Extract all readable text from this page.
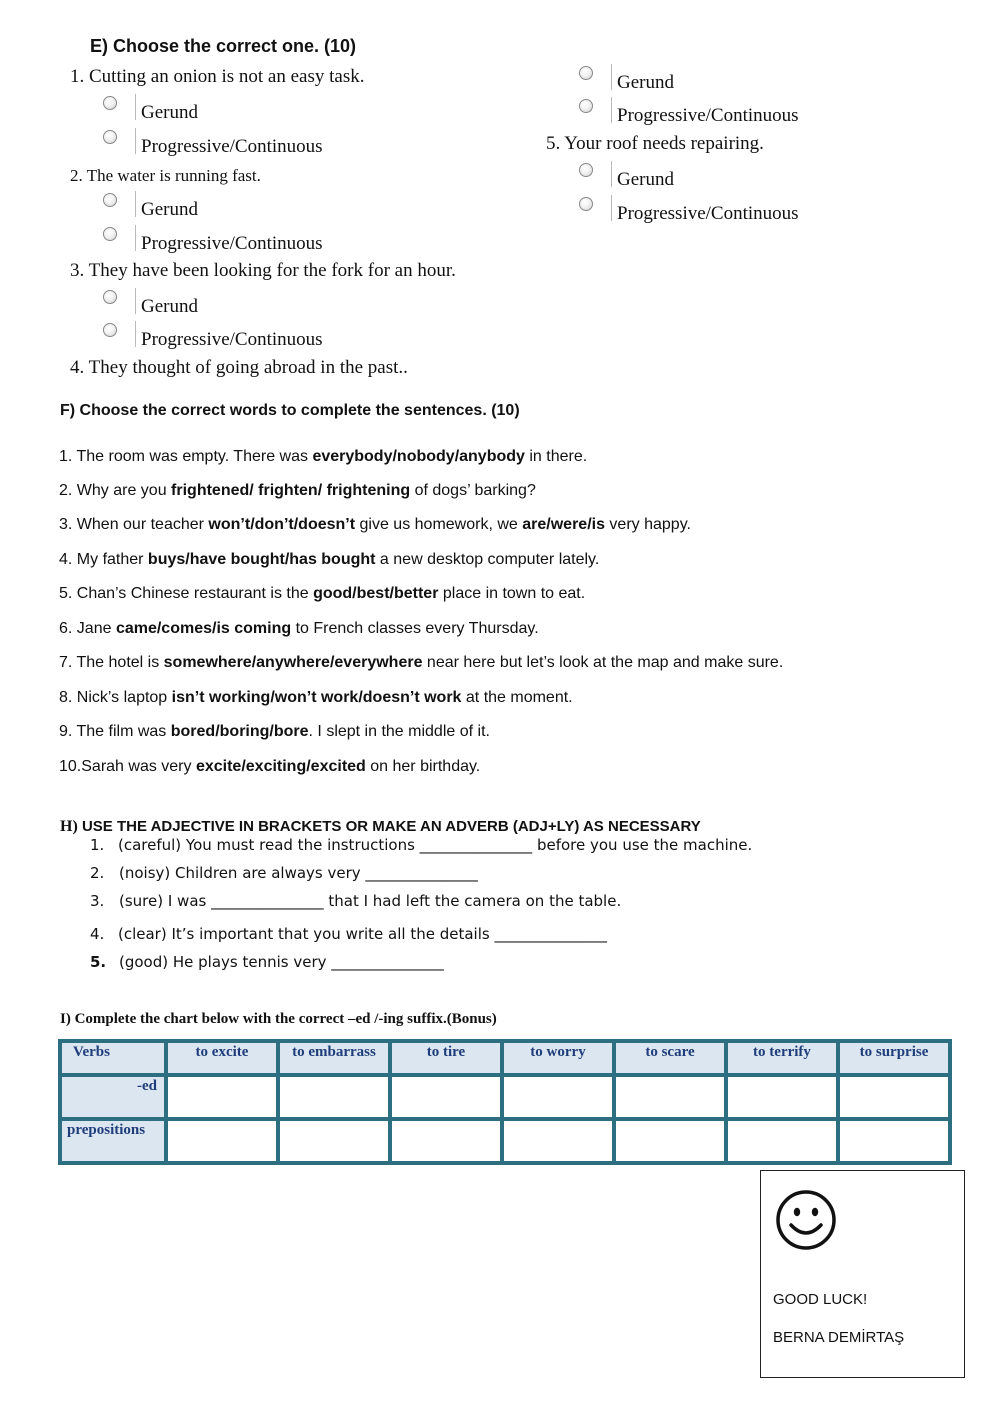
E) Choose the correct one. (10)
1. Cutting an onion is not an easy task.
Gerund
Progressive/Continuous
2. The water is running fast.
Gerund
Progressive/Continuous
3. They have been looking for the fork for an hour.
Gerund
Progressive/Continuous
4. They thought of going abroad in the past..
Gerund
Progressive/Continuous
5. Your roof needs repairing.
Gerund
Progressive/Continuous
F) Choose the correct words to complete the sentences. (10)
1. The room was empty. There was everybody/nobody/anybody in there.
2. Why are you frightened/ frighten/ frightening of dogs’ barking?
3. When our teacher won’t/don’t/doesn’t give us homework, we are/were/is very happy.
4. My father buys/have bought/has bought a new desktop computer lately.
5. Chan’s Chinese restaurant is the good/best/better place in town to eat.
6. Jane came/comes/is coming to French classes every Thursday.
7. The hotel is somewhere/anywhere/everywhere near here but let’s look at the map and make sure.
8. Nick’s laptop isn’t working/won’t work/doesn’t work at the moment.
9. The film was bored/boring/bore. I slept in the middle of it.
10.Sarah was very excite/exciting/excited on her birthday.
H) USE THE ADJECTIVE IN BRACKETS OR MAKE AN ADVERB (ADJ+LY) AS NECESSARY
1. (careful) You must read the instructions _______________ before you use the machine.
2. (noisy) Children are always very _______________
3. (sure) I was _______________ that I had left the camera on the table.
4. (clear) It’s important that you write all the details _______________
5. (good) He plays tennis very _______________
I) Complete the chart below with the correct –ed /-ing suffix.(Bonus)
Verbs	to excite	to embarrass	to tire	to worry	to scare	to terrify	to surprise
-ed							
prepositions							
GOOD LUCK!
BERNA DEMİRTAŞ
